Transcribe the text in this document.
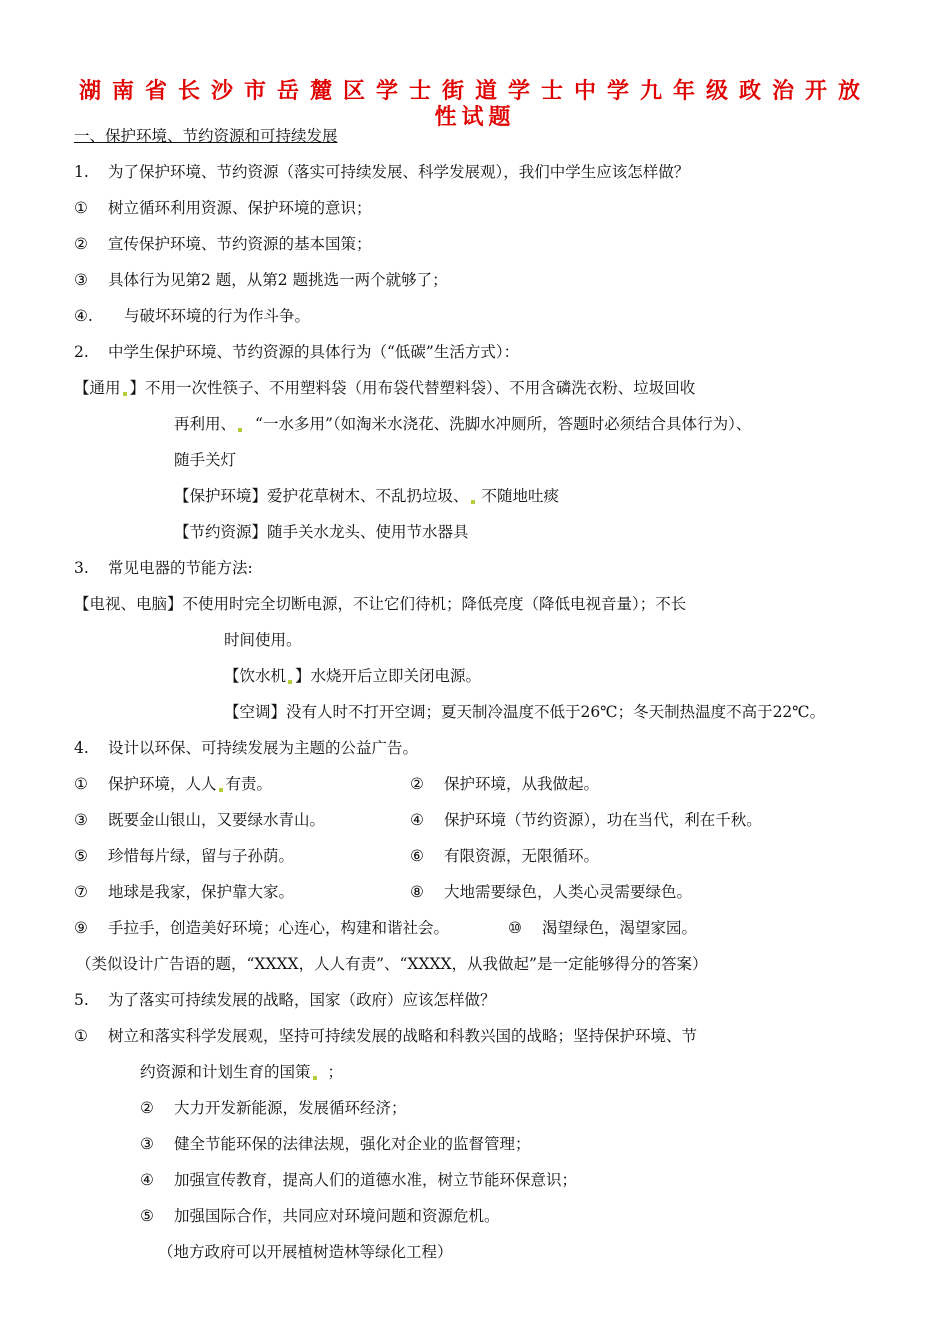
湖南省长沙市岳麓区学士街道学士中学九年级政治开放
性试题
一、保护环境、节约资源和可持续发展
1. 为了保护环境、节约资源（落实可持续发展、科学发展观），我们中学生应该怎样做？
① 树立循环利用资源、保护环境的意识；
② 宣传保护环境、节约资源的基本国策；
③ 具体行为见第2 题，从第2 题挑选一两个就够了；
④. 与破坏环境的行为作斗争。
2. 中学生保护环境、节约资源的具体行为（“低碳”生活方式）：
【通用 】不用一次性筷子、不用塑料袋（用布袋代替塑料袋）、不用含磷洗衣粉、垃圾回收
再利用、 “一水多用”（如淘米水浇花、洗脚水冲厕所，答题时必须结合具体行为）、
随手关灯
【保护环境】爱护花草树木、不乱扔垃圾、 不随地吐痰
【节约资源】随手关水龙头、使用节水器具
3. 常见电器的节能方法:
【电视、电脑】不使用时完全切断电源，不让它们待机；降低亮度（降低电视音量）；不长
时间使用。
【饮水机 】水烧开后立即关闭电源。
【空调】没有人时不打开空调；夏天制冷温度不低于26℃；冬天制热温度不高于22℃。
4. 设计以环保、可持续发展为主题的公益广告。
① 保护环境，人人 有责。	② 保护环境，从我做起。
③ 既要金山银山，又要绿水青山。	④ 保护环境（节约资源），功在当代，利在千秋。
⑤ 珍惜每片绿，留与子孙荫。	⑥ 有限资源，无限循环。
⑦ 地球是我家，保护靠大家。	⑧ 大地需要绿色，人类心灵需要绿色。
⑨ 手拉手，创造美好环境；心连心，构建和谐社会。	⑩ 渴望绿色，渴望家园。
（类似设计广告语的题，“XXXX，人人有责”、“XXXX，从我做起”是一定能够得分的答案）
5. 为了落实可持续发展的战略，国家（政府）应该怎样做？
① 树立和落实科学发展观，坚持可持续发展的战略和科教兴国的战略；坚持保护环境、节
约资源和计划生育的国策 ；
② 大力开发新能源，发展循环经济；
③ 健全节能环保的法律法规，强化对企业的监督管理；
④ 加强宣传教育，提高人们的道德水准，树立节能环保意识；
⑤ 加强国际合作，共同应对环境问题和资源危机。
（地方政府可以开展植树造林等绿化工程）
